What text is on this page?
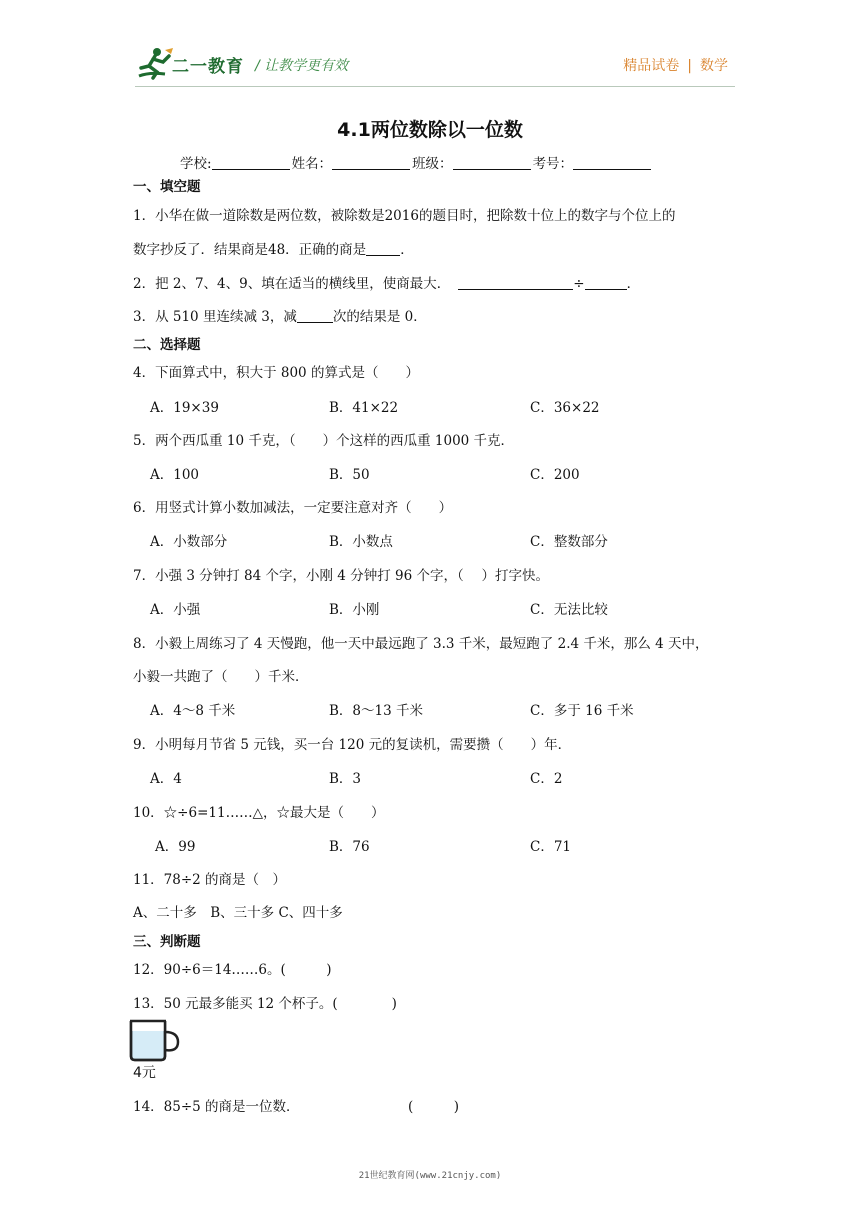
二一教育 / 让教学更有效	精品试卷 | 数学
4.1两位数除以一位数
学校:	姓名：	班级：	考号：
一、填空题
1．小华在做一道除数是两位数，被除数是2016的题目时，把除数十位上的数字与个位上的
数字抄反了．结果商是48．正确的商是	．
2．把 2、7、4、9、填在适当的横线里，使商最大．	÷	．
3．从 510 里连续减 3，减	次的结果是 0．
二、选择题
4．下面算式中，积大于 800 的算式是（　　）
A．19×39	B．41×22	C．36×22
5．两个西瓜重 10 千克，（　　）个这样的西瓜重 1000 千克．
A．100	B．50	C．200
6．用竖式计算小数加减法，一定要注意对齐（　　）
A．小数部分	B．小数点	C．整数部分
7．小强 3 分钟打 84 个字，小刚 4 分钟打 96 个字，（　 ）打字快。
A．小强	B．小刚	C．无法比较
8．小毅上周练习了 4 天慢跑，他一天中最远跑了 3.3 千米，最短跑了 2.4 千米，那么 4 天中，
小毅一共跑了（　　）千米．
A．4～8 千米	B．8～13 千米	C．多于 16 千米
9．小明每月节省 5 元钱，买一台 120 元的复读机，需要攒（　　）年．
A．4	B．3	C．2
10．☆÷6=11……△，☆最大是（　　）
A．99	B．76	C．71
11．78÷2 的商是（　）
A、二十多　B、三十多 C、四十多
三、判断题
12．90÷6＝14……6。(　　　)
13．50 元最多能买 12 个杯子。(　　　　)
4元
14．85÷5 的商是一位数．	(　　　)
21世纪教育网(www.21cnjy.com)
